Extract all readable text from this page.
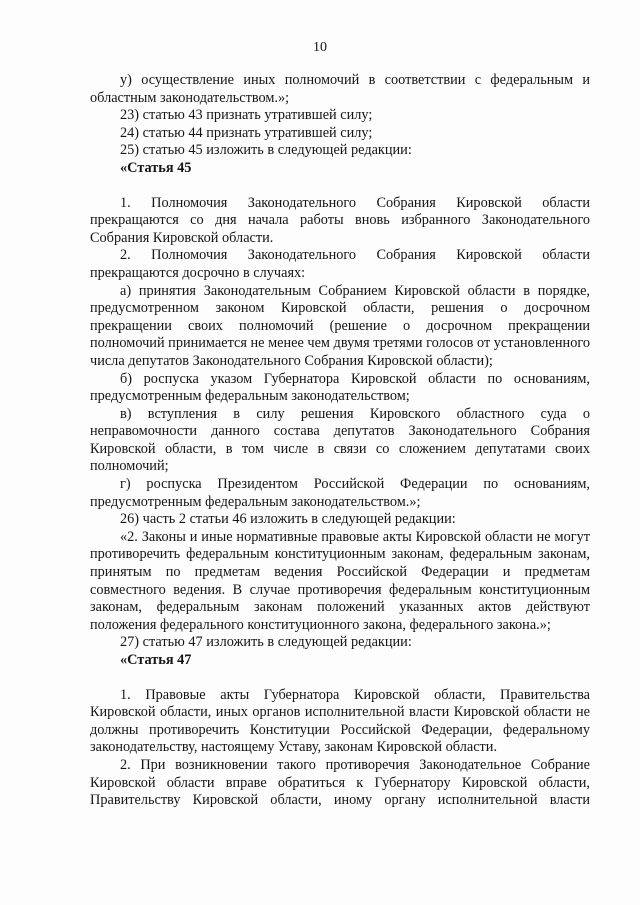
10

у) осуществление иных полномочий в соответствии с федеральным и областным законодательством.»;

23) статью 43 признать утратившей силу;

24) статью 44 признать утратившей силу;

25) статью 45 изложить в следующей редакции:

«Статья 45

1. Полномочия Законодательного Собрания Кировской области прекращаются со дня начала работы вновь избранного Законодательного Собрания Кировской области.

2. Полномочия Законодательного Собрания Кировской области прекращаются досрочно в случаях:

а) принятия Законодательным Собранием Кировской области в порядке, предусмотренном законом Кировской области, решения о досрочном прекращении своих полномочий (решение о досрочном прекращении полномочий принимается не менее чем двумя третями голосов от установленного числа депутатов Законодательного Собрания Кировской области);

б) роспуска указом Губернатора Кировской области по основаниям, предусмотренным федеральным законодательством;

в) вступления в силу решения Кировского областного суда о неправомочности данного состава депутатов Законодательного Собрания Кировской области, в том числе в связи со сложением депутатами своих полномочий;

г) роспуска Президентом Российской Федерации по основаниям, предусмотренным федеральным законодательством.»;

26) часть 2 статьи 46 изложить в следующей редакции:

«2. Законы и иные нормативные правовые акты Кировской области не могут противоречить федеральным конституционным законам, федеральным законам, принятым по предметам ведения Российской Федерации и предметам совместного ведения. В случае противоречия федеральным конституционным законам, федеральным законам положений указанных актов действуют положения федерального конституционного закона, федерального закона.»;

27) статью 47 изложить в следующей редакции:

«Статья 47

1. Правовые акты Губернатора Кировской области, Правительства Кировской области, иных органов исполнительной власти Кировской области не должны противоречить Конституции Российской Федерации, федеральному законодательству, настоящему Уставу, законам Кировской области.

2. При возникновении такого противоречия Законодательное Собрание Кировской области вправе обратиться к Губернатору Кировской области, Правительству Кировской области, иному органу исполнительной власти
